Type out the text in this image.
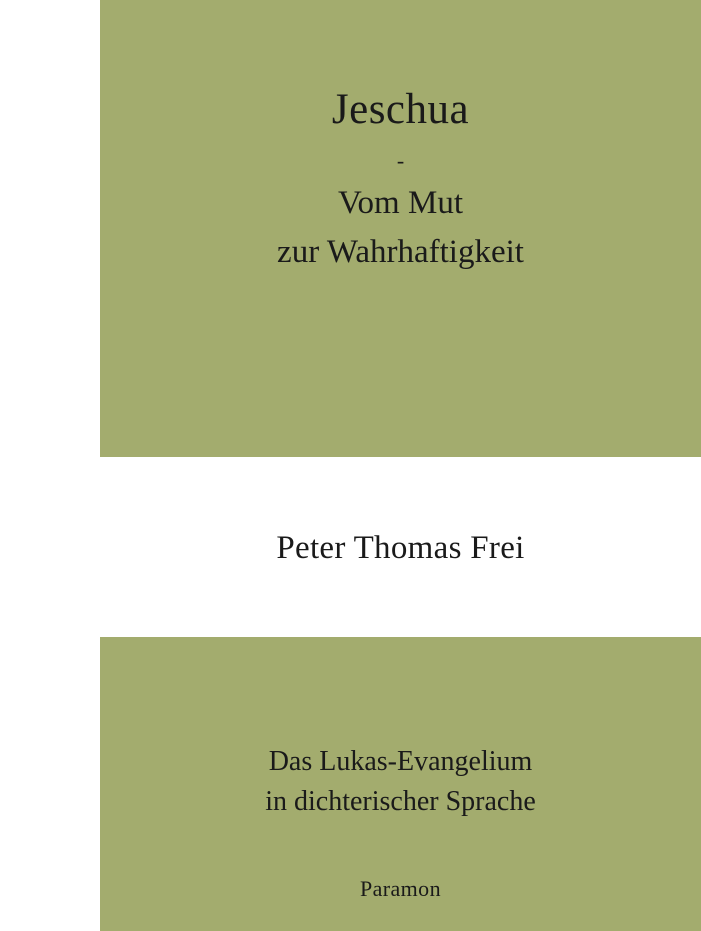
Jeschua
-
Vom Mut
zur Wahrhaftigkeit
Peter Thomas Frei
Das Lukas-Evangelium
in dichterischer Sprache
Paramon
